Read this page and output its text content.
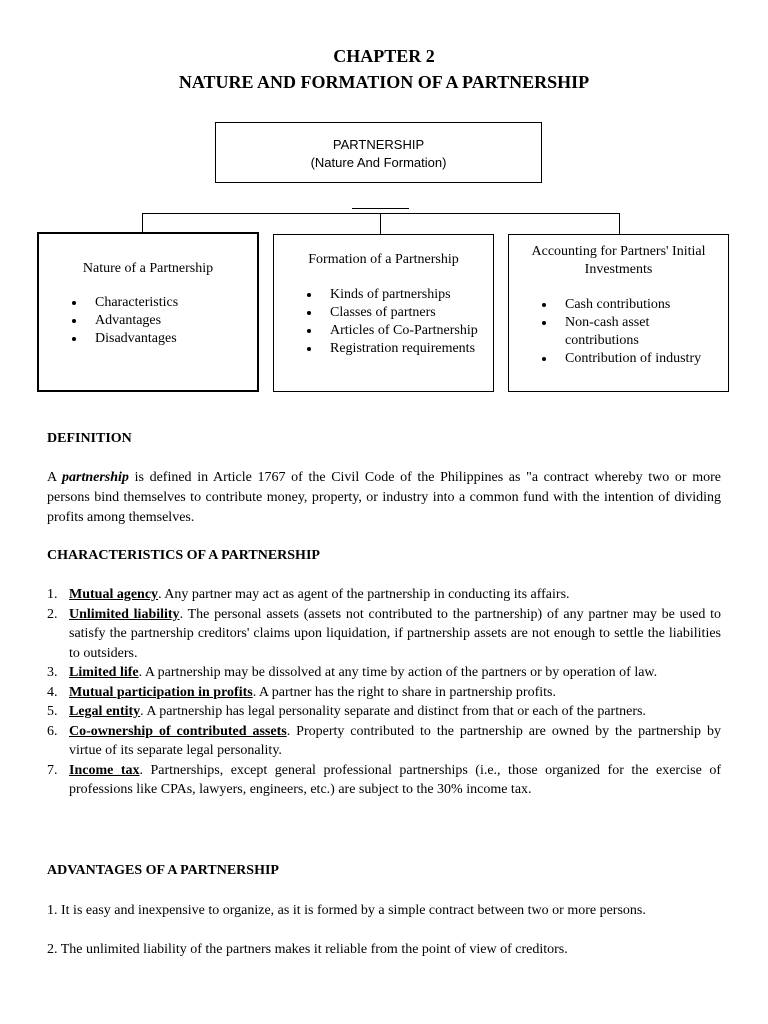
CHAPTER 2
NATURE AND FORMATION OF A PARTNERSHIP
PARTNERSHIP
(Nature And Formation)
Nature of a Partnership
• Characteristics
• Advantages
• Disadvantages
Formation of a Partnership
• Kinds of partnerships
• Classes of partners
• Articles of Co-Partnership
• Registration requirements
Accounting for Partners' Initial Investments
• Cash contributions
• Non-cash asset contributions
• Contribution of industry
DEFINITION
A partnership is defined in Article 1767 of the Civil Code of the Philippines as "a contract whereby two or more persons bind themselves to contribute money, property, or industry into a common fund with the intention of dividing profits among themselves.
CHARACTERISTICS OF A PARTNERSHIP
1. Mutual agency. Any partner may act as agent of the partnership in conducting its affairs.
2. Unlimited liability. The personal assets (assets not contributed to the partnership) of any partner may be used to satisfy the partnership creditors' claims upon liquidation, if partnership assets are not enough to settle the liabilities to outsiders.
3. Limited life. A partnership may be dissolved at any time by action of the partners or by operation of law.
4. Mutual participation in profits. A partner has the right to share in partnership profits.
5. Legal entity. A partnership has legal personality separate and distinct from that or each of the partners.
6. Co-ownership of contributed assets. Property contributed to the partnership are owned by the partnership by virtue of its separate legal personality.
7. Income tax. Partnerships, except general professional partnerships (i.e., those organized for the exercise of professions like CPAs, lawyers, engineers, etc.) are subject to the 30% income tax.
ADVANTAGES OF A PARTNERSHIP
1. It is easy and inexpensive to organize, as it is formed by a simple contract between two or more persons.
2. The unlimited liability of the partners makes it reliable from the point of view of creditors.
